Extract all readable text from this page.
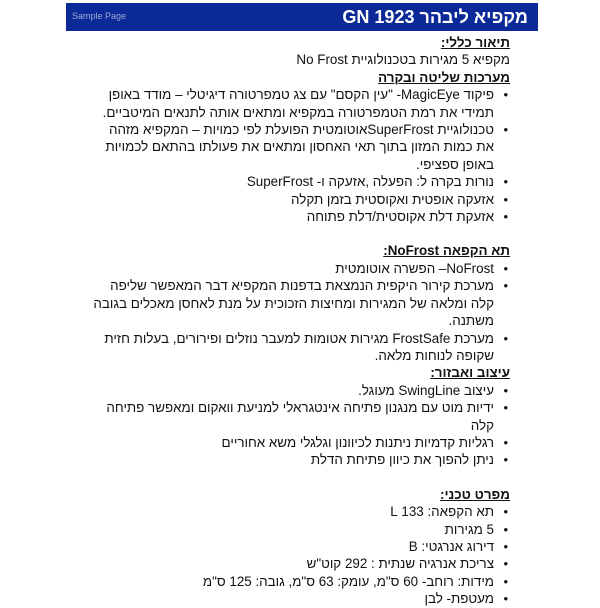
מקפיא ליבהר GN 1923
Sample Page

תיאור כללי:

מקפיא 5 מגירות בטכנולוגיית No Frost

מערכות שליטה ובקרה

• פיקוד MagicEye- "עין הקסם" עם צג טמפרטורה דיגיטלי – מודד באופן תמידי את רמת הטמפרטורה במקפיא ומתאים אותה לתנאים המיטביים.
• טכנולוגיית SuperFrostאוטומטית הפועלת לפי כמויות – המקפיא מזהה את כמות המזון בתוך תאי האחסון ומתאים את פעולתו בהתאם לכמויות באופן ספציפי.
• נורות בקרה ל: הפעלה ,אזעקה ו- SuperFrost
• אזעקה אופטית ואקוסטית בזמן תקלה
• אזעקת דלת אקוסטית/דלת פתוחה

תא הקפאה NoFrost:

• NoFrost– הפשרה אוטומטית
• מערכת קירור היקפית הנמצאת בדפנות המקפיא דבר המאפשר שליפה קלה ומלאה של המגירות ומחיצות הזכוכית על מנת לאחסן מאכלים בגובה משתנה.
• מערכת FrostSafe מגירות אטומות למעבר נוזלים ופירורים, בעלות חזית שקופה לנוחות מלאה.

עיצוב ואבזור:

• עיצוב SwingLine מעוגל.
• ידיות מוט עם מנגנון פתיחה אינטגראלי למניעת וואקום ומאפשר פתיחה קלה
• רגליות קדמיות ניתנות לכיוונון וגלגלי משא אחוריים
• ניתן להפוך את כיוון פתיחת הדלת

מפרט טכני:

• תא הקפאה: 133 L
• 5 מגירות
• דירוג אנרגטי: B
• צריכת אנרגיה שנתית : 292 קוט"ש
• מידות: רוחב- 60 ס"מ, עומק: 63 ס"מ, גובה: 125 ס"מ
• מעטפת- לבן
